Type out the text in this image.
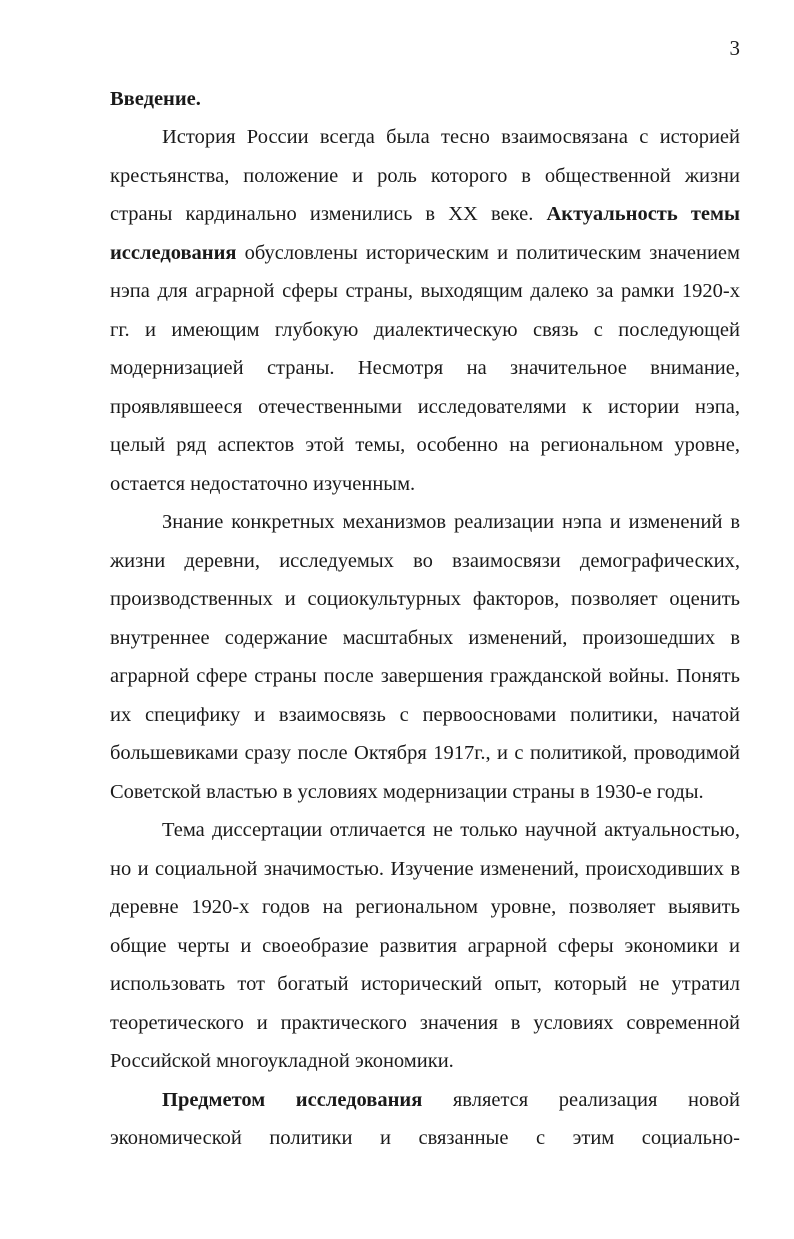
3
Введение.

История России всегда была тесно взаимосвязана с историей крестьянства, положение и роль которого в общественной жизни страны кардинально изменились в XX веке. Актуальность темы исследования обусловлены историческим и политическим значением нэпа для аграрной сферы страны, выходящим далеко за рамки 1920-х гг. и имеющим глубокую диалектическую связь с последующей модернизацией страны. Несмотря на значительное внимание, проявлявшееся отечественными исследователями к истории нэпа, целый ряд аспектов этой темы, особенно на региональном уровне, остается недостаточно изученным.

Знание конкретных механизмов реализации нэпа и изменений в жизни деревни, исследуемых во взаимосвязи демографических, производственных и социокультурных факторов, позволяет оценить внутреннее содержание масштабных изменений, произошедших в аграрной сфере страны после завершения гражданской войны. Понять их специфику и взаимосвязь с первоосновами политики, начатой большевиками сразу после Октября 1917г., и с политикой, проводимой Советской властью в условиях модернизации страны в 1930-е годы.

Тема диссертации отличается не только научной актуальностью, но и социальной значимостью. Изучение изменений, происходивших в деревне 1920-х годов на региональном уровне, позволяет выявить общие черты и своеобразие развития аграрной сферы экономики и использовать тот богатый исторический опыт, который не утратил теоретического и практического значения в условиях современной Российской многоукладной экономики.

Предметом исследования является реализация новой экономической политики и связанные с этим социально-
